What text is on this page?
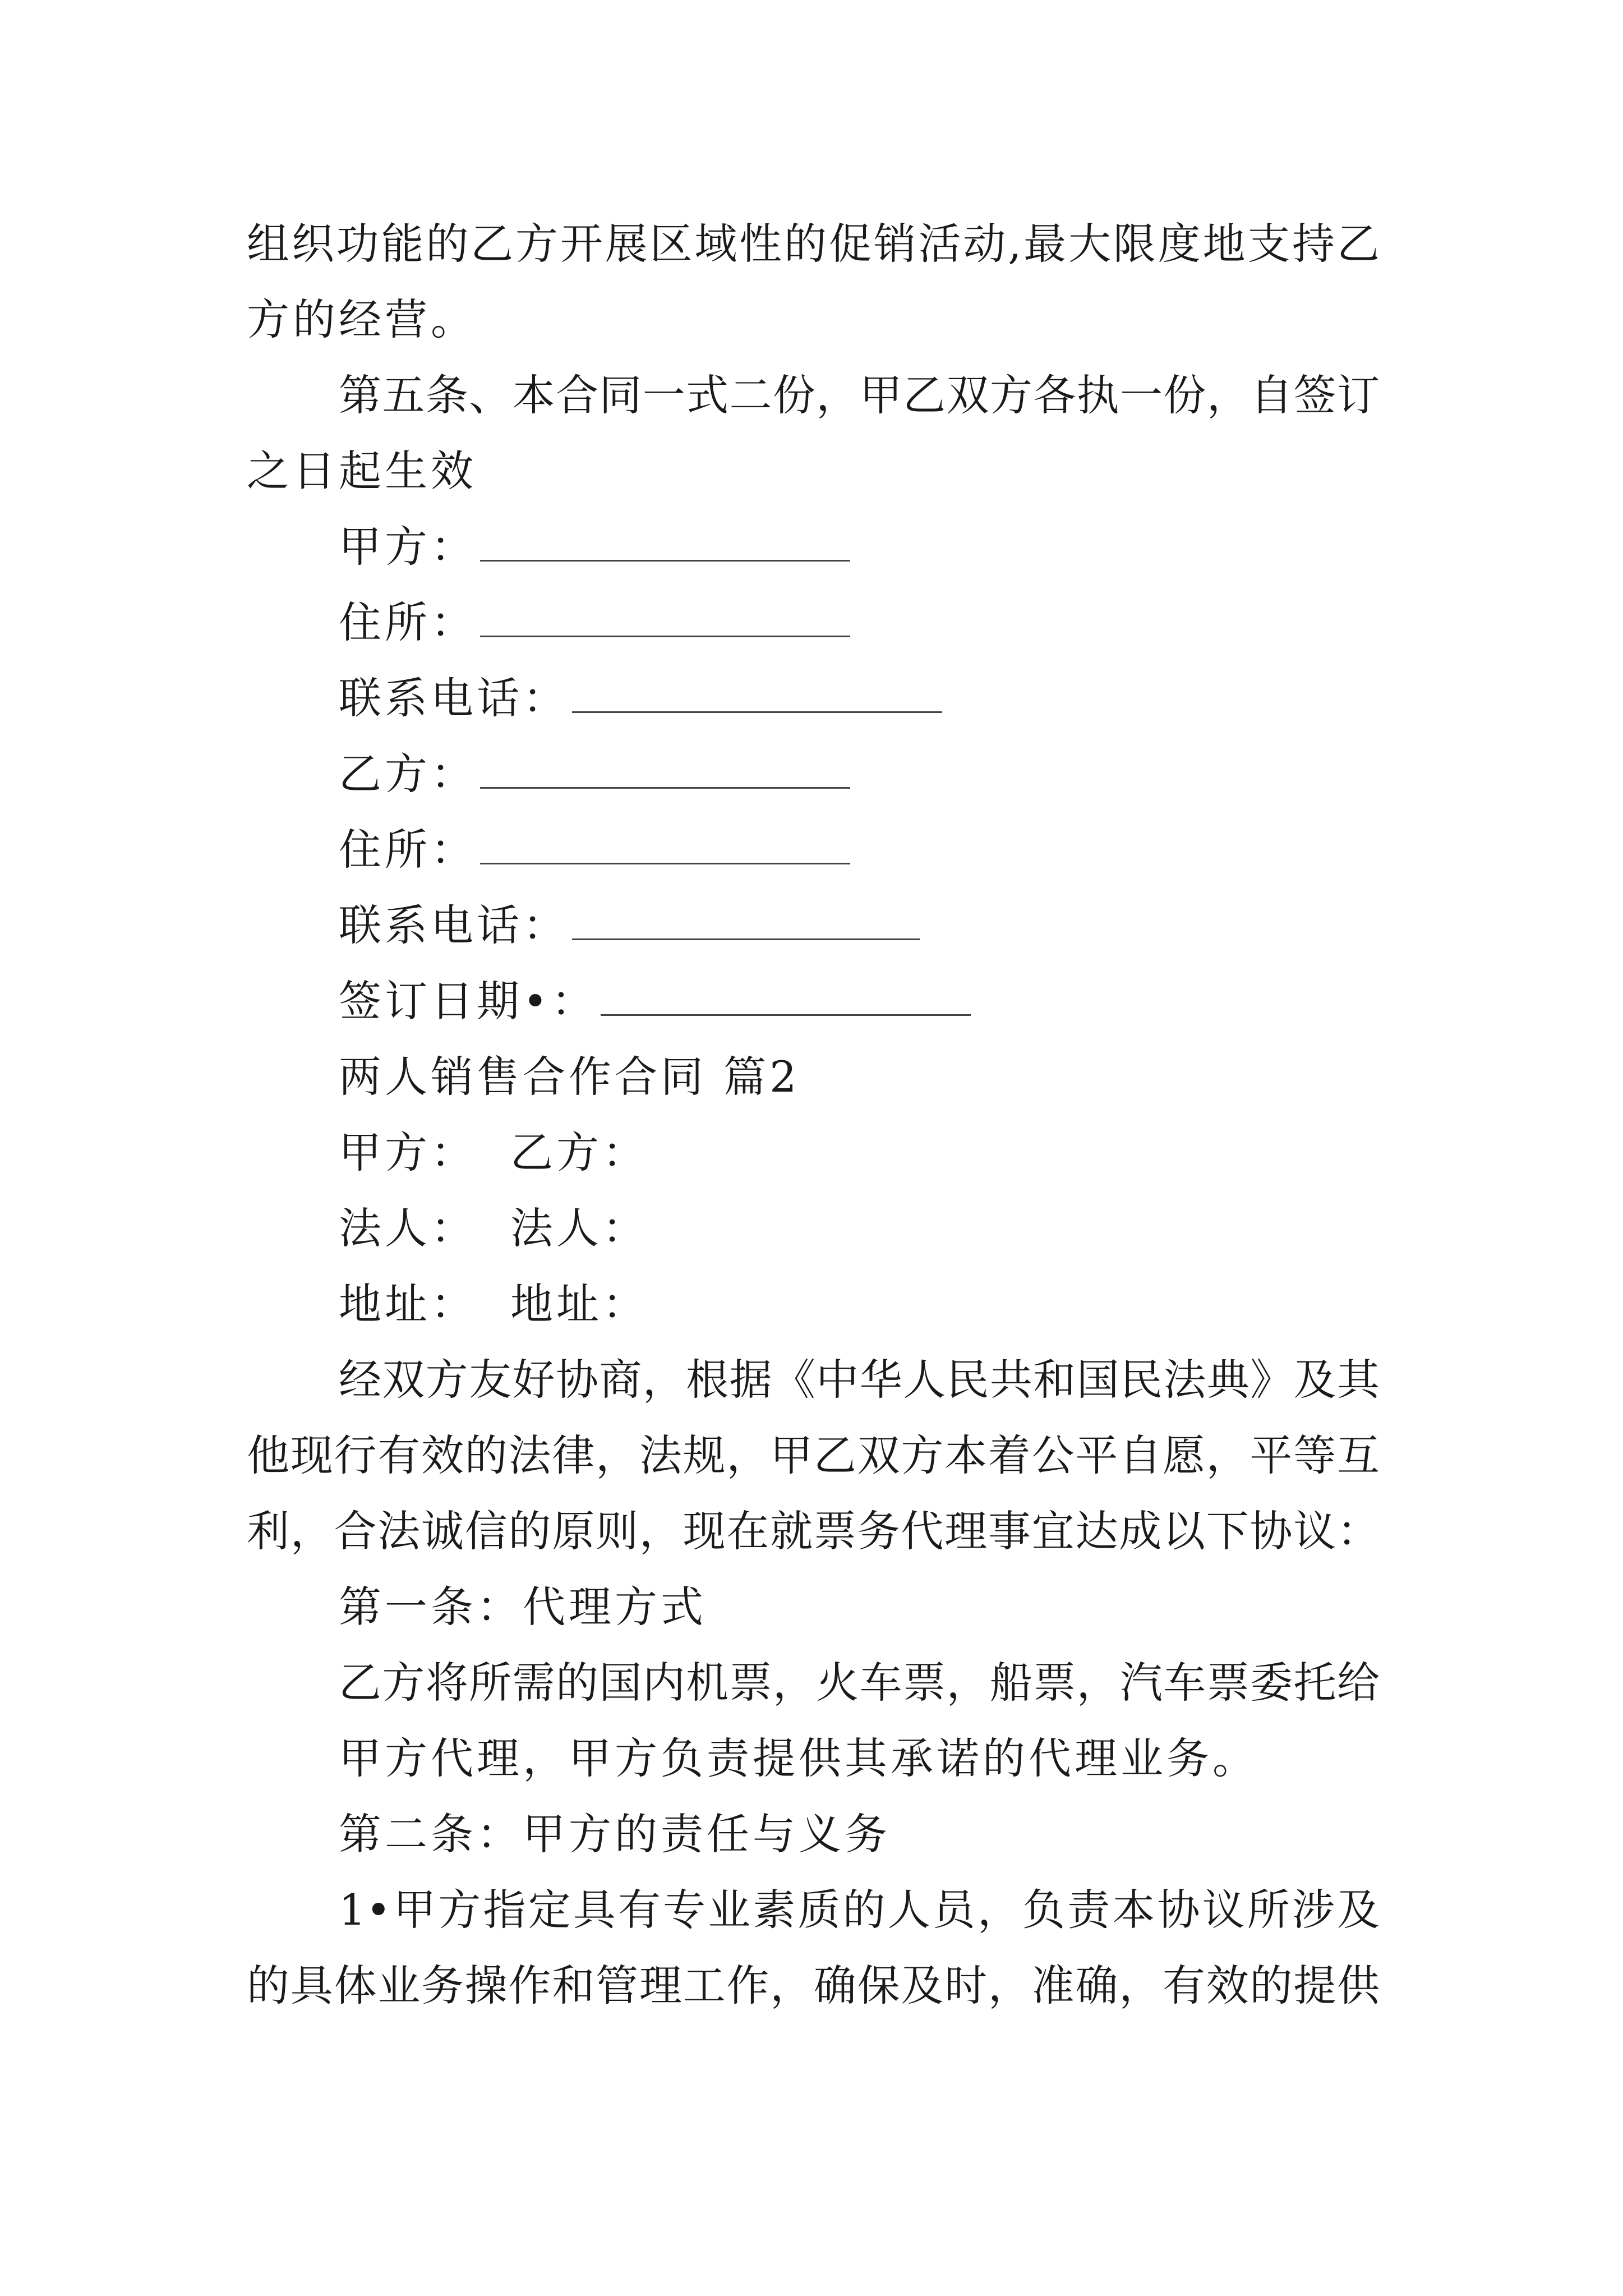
组织功能的乙方开展区域性的促销活动,最大限度地支持乙
方的经营。
第五条、本合同一式二份，甲乙双方各执一份，自签订
之日起生效
甲方：
住所：
联系电话：
乙方：
住所：
联系电话：
签订日期•：
两人销售合作合同 篇2
甲方： 乙方：
法人： 法人：
地址： 地址：
经双方友好协商，根据《中华人民共和国民法典》及其
他现行有效的法律，法规，甲乙双方本着公平自愿，平等互
利，合法诚信的原则，现在就票务代理事宜达成以下协议：
第一条：代理方式
乙方将所需的国内机票，火车票，船票，汽车票委托给
甲方代理，甲方负责提供其承诺的代理业务。
第二条：甲方的责任与义务
1•甲方指定具有专业素质的人员，负责本协议所涉及
的具体业务操作和管理工作，确保及时，准确，有效的提供
